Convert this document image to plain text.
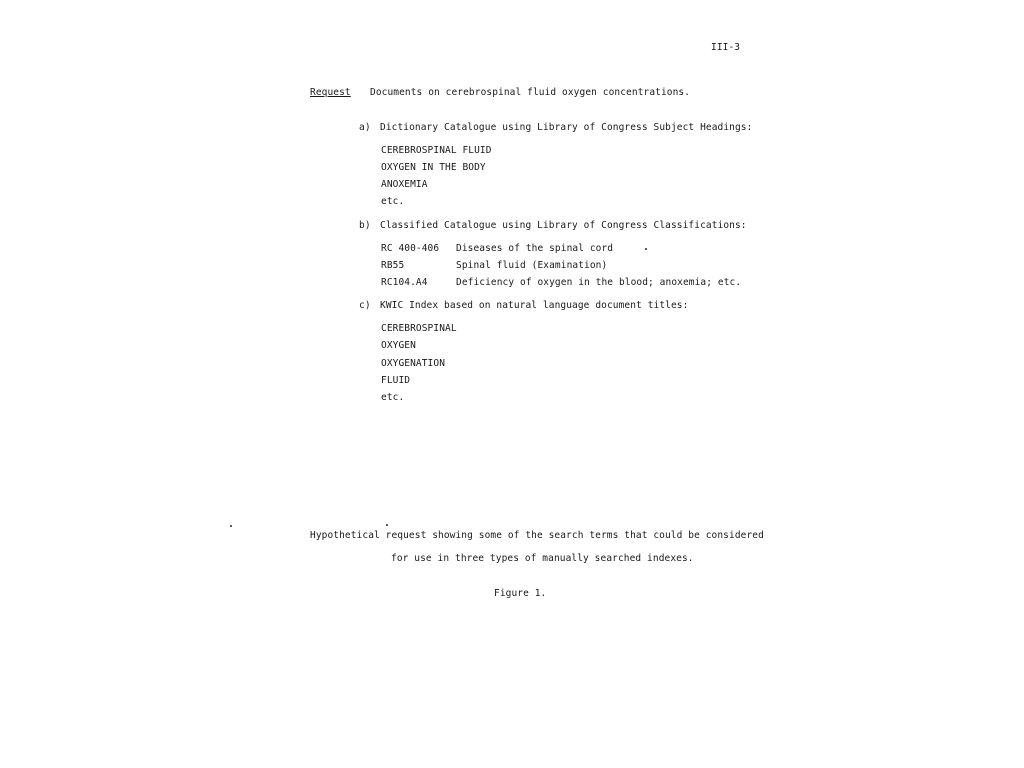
III-3
Request Documents on cerebrospinal fluid oxygen concentrations.
a) Dictionary Catalogue using Library of Congress Subject Headings:
CEREBROSPINAL FLUID
OXYGEN IN THE BODY
ANOXEMIA
etc.
b) Classified Catalogue using Library of Congress Classifications:
RC 400-406 Diseases of the spinal cord
RB55	Spinal fluid (Examination)
RC104.A4	Deficiency of oxygen in the blood; anoxemia; etc.
c) KWIC Index based on natural language document titles:
CEREBROSPINAL
OXYGEN
OXYGENATION
FLUID
etc.
Hypothetical request showing some of the search terms that could be considered
for use in three types of manually searched indexes.
Figure 1.
